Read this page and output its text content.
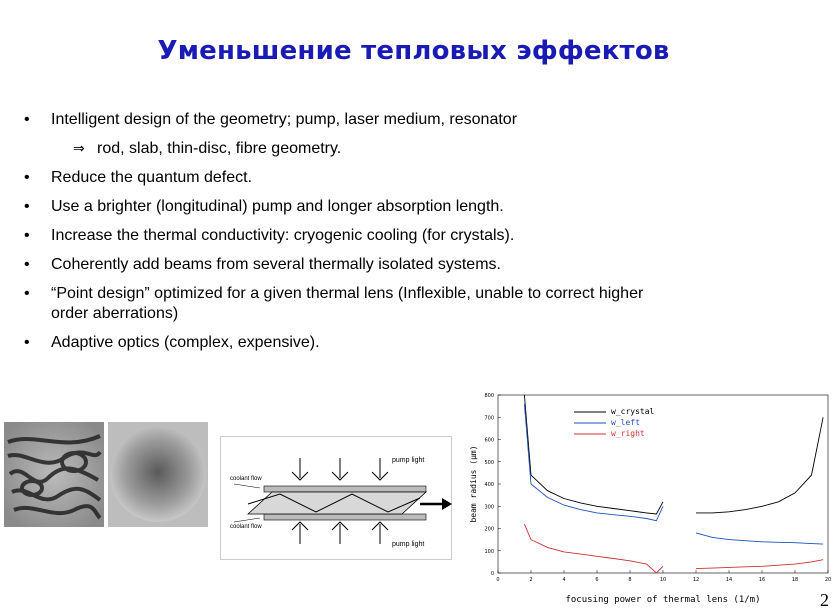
Уменьшение тепловых эффектов
•	Intelligent design of the geometry; pump, laser medium, resonator
⇒ rod, slab, thin-disc, fibre geometry.
•	Reduce the quantum defect.
•	Use a brighter (longitudinal) pump and longer absorption length.
•	Increase the thermal conductivity: cryogenic cooling (for crystals).
•	Coherently add beams from several thermally isolated systems.
•	“Point design” optimized for a given thermal lens (Inflexible, unable to correct higher order aberrations)
•	Adaptive optics (complex, expensive).
pump light
pump light
coolant flow
coolant flow
0
100
200
300
400
500
600
700
800
0	2	4	6	8	10	12	14	16	18	20
w_crystal
w_left
w_right
beam radius (µm)
focusing power of thermal lens (1/m)	2
